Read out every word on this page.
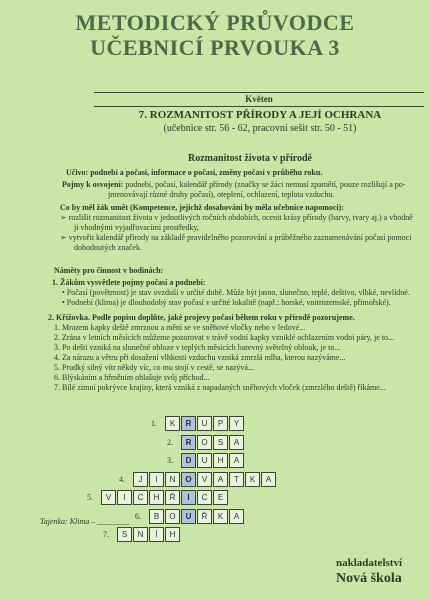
METODICKÝ PRŮVODCE
UČEBNICÍ PRVOUKA 3
Květen
7. ROZMANITOST PŘÍRODY A JEJÍ OCHRANA
(učebnice str. 56 - 62, pracovní sešit str. 50 - 51)
Rozmanitost života v přírodě
Učivo: podnebí a počasí, informace o počasí, změny počasí v průběhu roku.
Pojmy k osvojení: podnebí, počasí, kalendář přírody (značky se žáci nemusí zpamětí, pouze rozlišují a po-
jmenovávají různé druhy počasí), oteplení, ochlazení, teplota vzduchu.
Co by měl žák umět (Kompetence, jejichž dosahování by měla učebnice napomoci):
➢ rozlišit rozmanitost života v jednotlivých ročních obdobích, ocenit krásy přírody (barvy, tvary aj.) a vhodně
ji vhodnými vyjadřovacími prostředky,
➢ vytvořit kalendář přírody na základě pravidelného pozorování a průběžného zaznamenávání počasí pomocí
dohodnutých značek.
Náměty pro činnost v hodinách:
1. Žákům vysvětlete pojmy počasí a podnebí:
• Počasí (povětrnost) je stav ovzduší v určité době. Může být jasno, slunečno, teplé, deštivo, vlhké, nevlídné.
• Podnebí (klima) je dlouhodobý stav počasí v určité lokalitě (např.: horské, vnitrozemské, přímořské).
2. Křížovka. Podle popisu doplňte, jaké projevy počasí během roku v přírodě pozorujeme.
1. Mrazem kapky deště zmrznou a mění se ve sněhové vločky nebo v ledové...
2. Zrána v letních měsících můžeme pozorovat v trávě vodní kapky vzniklé ochlazením vodní páry, je to...
3. Po dešti vzniká na slunečné obloze v teplých měsících barevný světelný oblouk, je to...
4. Za nárazu a větru při dosažení vlhkosti vzduchu vzniká zmrzlá mlha, kterou nazýváme...
5. Prudký silný vítr někdy víc, co mu stojí v cestě, se nazývá...
6. Blýskáním a hřměním ohlašuje svůj příchod...
7. Bílé zimní pokrývce krajiny, která vzniká z napadaných sněhových vloček (zmrzlého deště) říkáme...
1.	K	R	U	P	Y
2.	R	O	S	A
3.	D	U	H	A
4.	J	I	N	O	V	A	T	K	A
5.	V	I	C	H	Ř	I	C	E
6.	B	O	U	Ř	K	A
7.	S	N	Í	H
Tajenka: Klima – ________
nakladatelství
Nová škola
